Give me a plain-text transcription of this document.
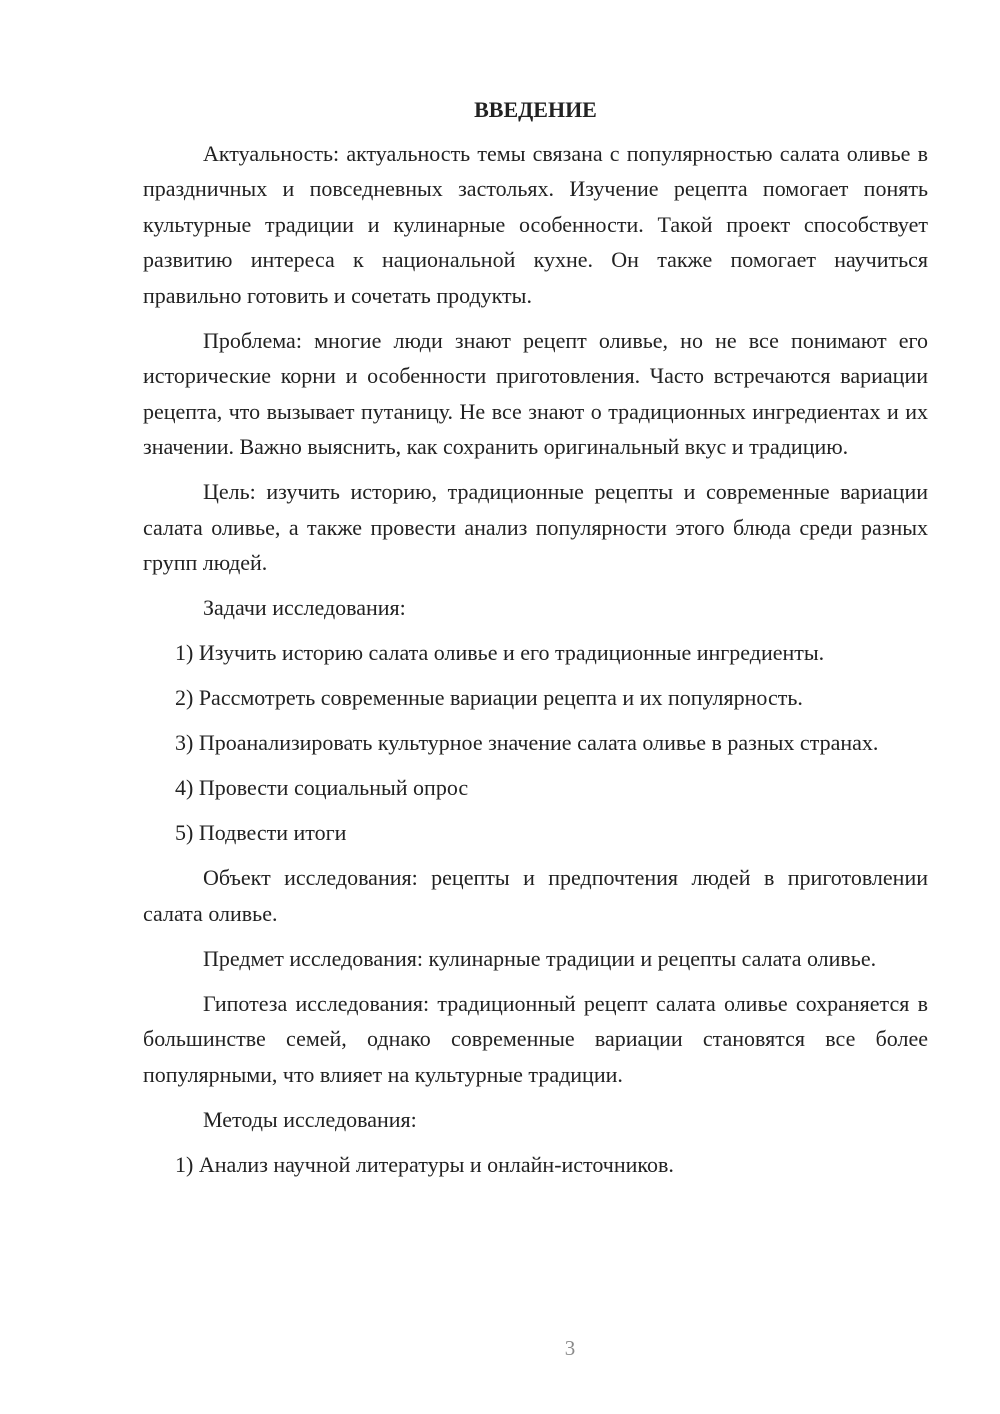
ВВЕДЕНИЕ

Актуальность: актуальность темы связана с популярностью салата оливье в праздничных и повседневных застольях. Изучение рецепта помогает понять культурные традиции и кулинарные особенности. Такой проект способствует развитию интереса к национальной кухне. Он также помогает научиться правильно готовить и сочетать продукты.

Проблема: многие люди знают рецепт оливье, но не все понимают его исторические корни и особенности приготовления. Часто встречаются вариации рецепта, что вызывает путаницу. Не все знают о традиционных ингредиентах и их значении. Важно выяснить, как сохранить оригинальный вкус и традицию.

Цель: изучить историю, традиционные рецепты и современные вариации салата оливье, а также провести анализ популярности этого блюда среди разных групп людей.

Задачи исследования:

1) Изучить историю салата оливье и его традиционные ингредиенты.

2) Рассмотреть современные вариации рецепта и их популярность.

3) Проанализировать культурное значение салата оливье в разных странах.

4) Провести социальный опрос

5) Подвести итоги

Объект исследования: рецепты и предпочтения людей в приготовлении салата оливье.

Предмет исследования: кулинарные традиции и рецепты салата оливье.

Гипотеза исследования: традиционный рецепт салата оливье сохраняется в большинстве семей, однако современные вариации становятся все более популярными, что влияет на культурные традиции.

Методы исследования:

1) Анализ научной литературы и онлайн-источников.

3
